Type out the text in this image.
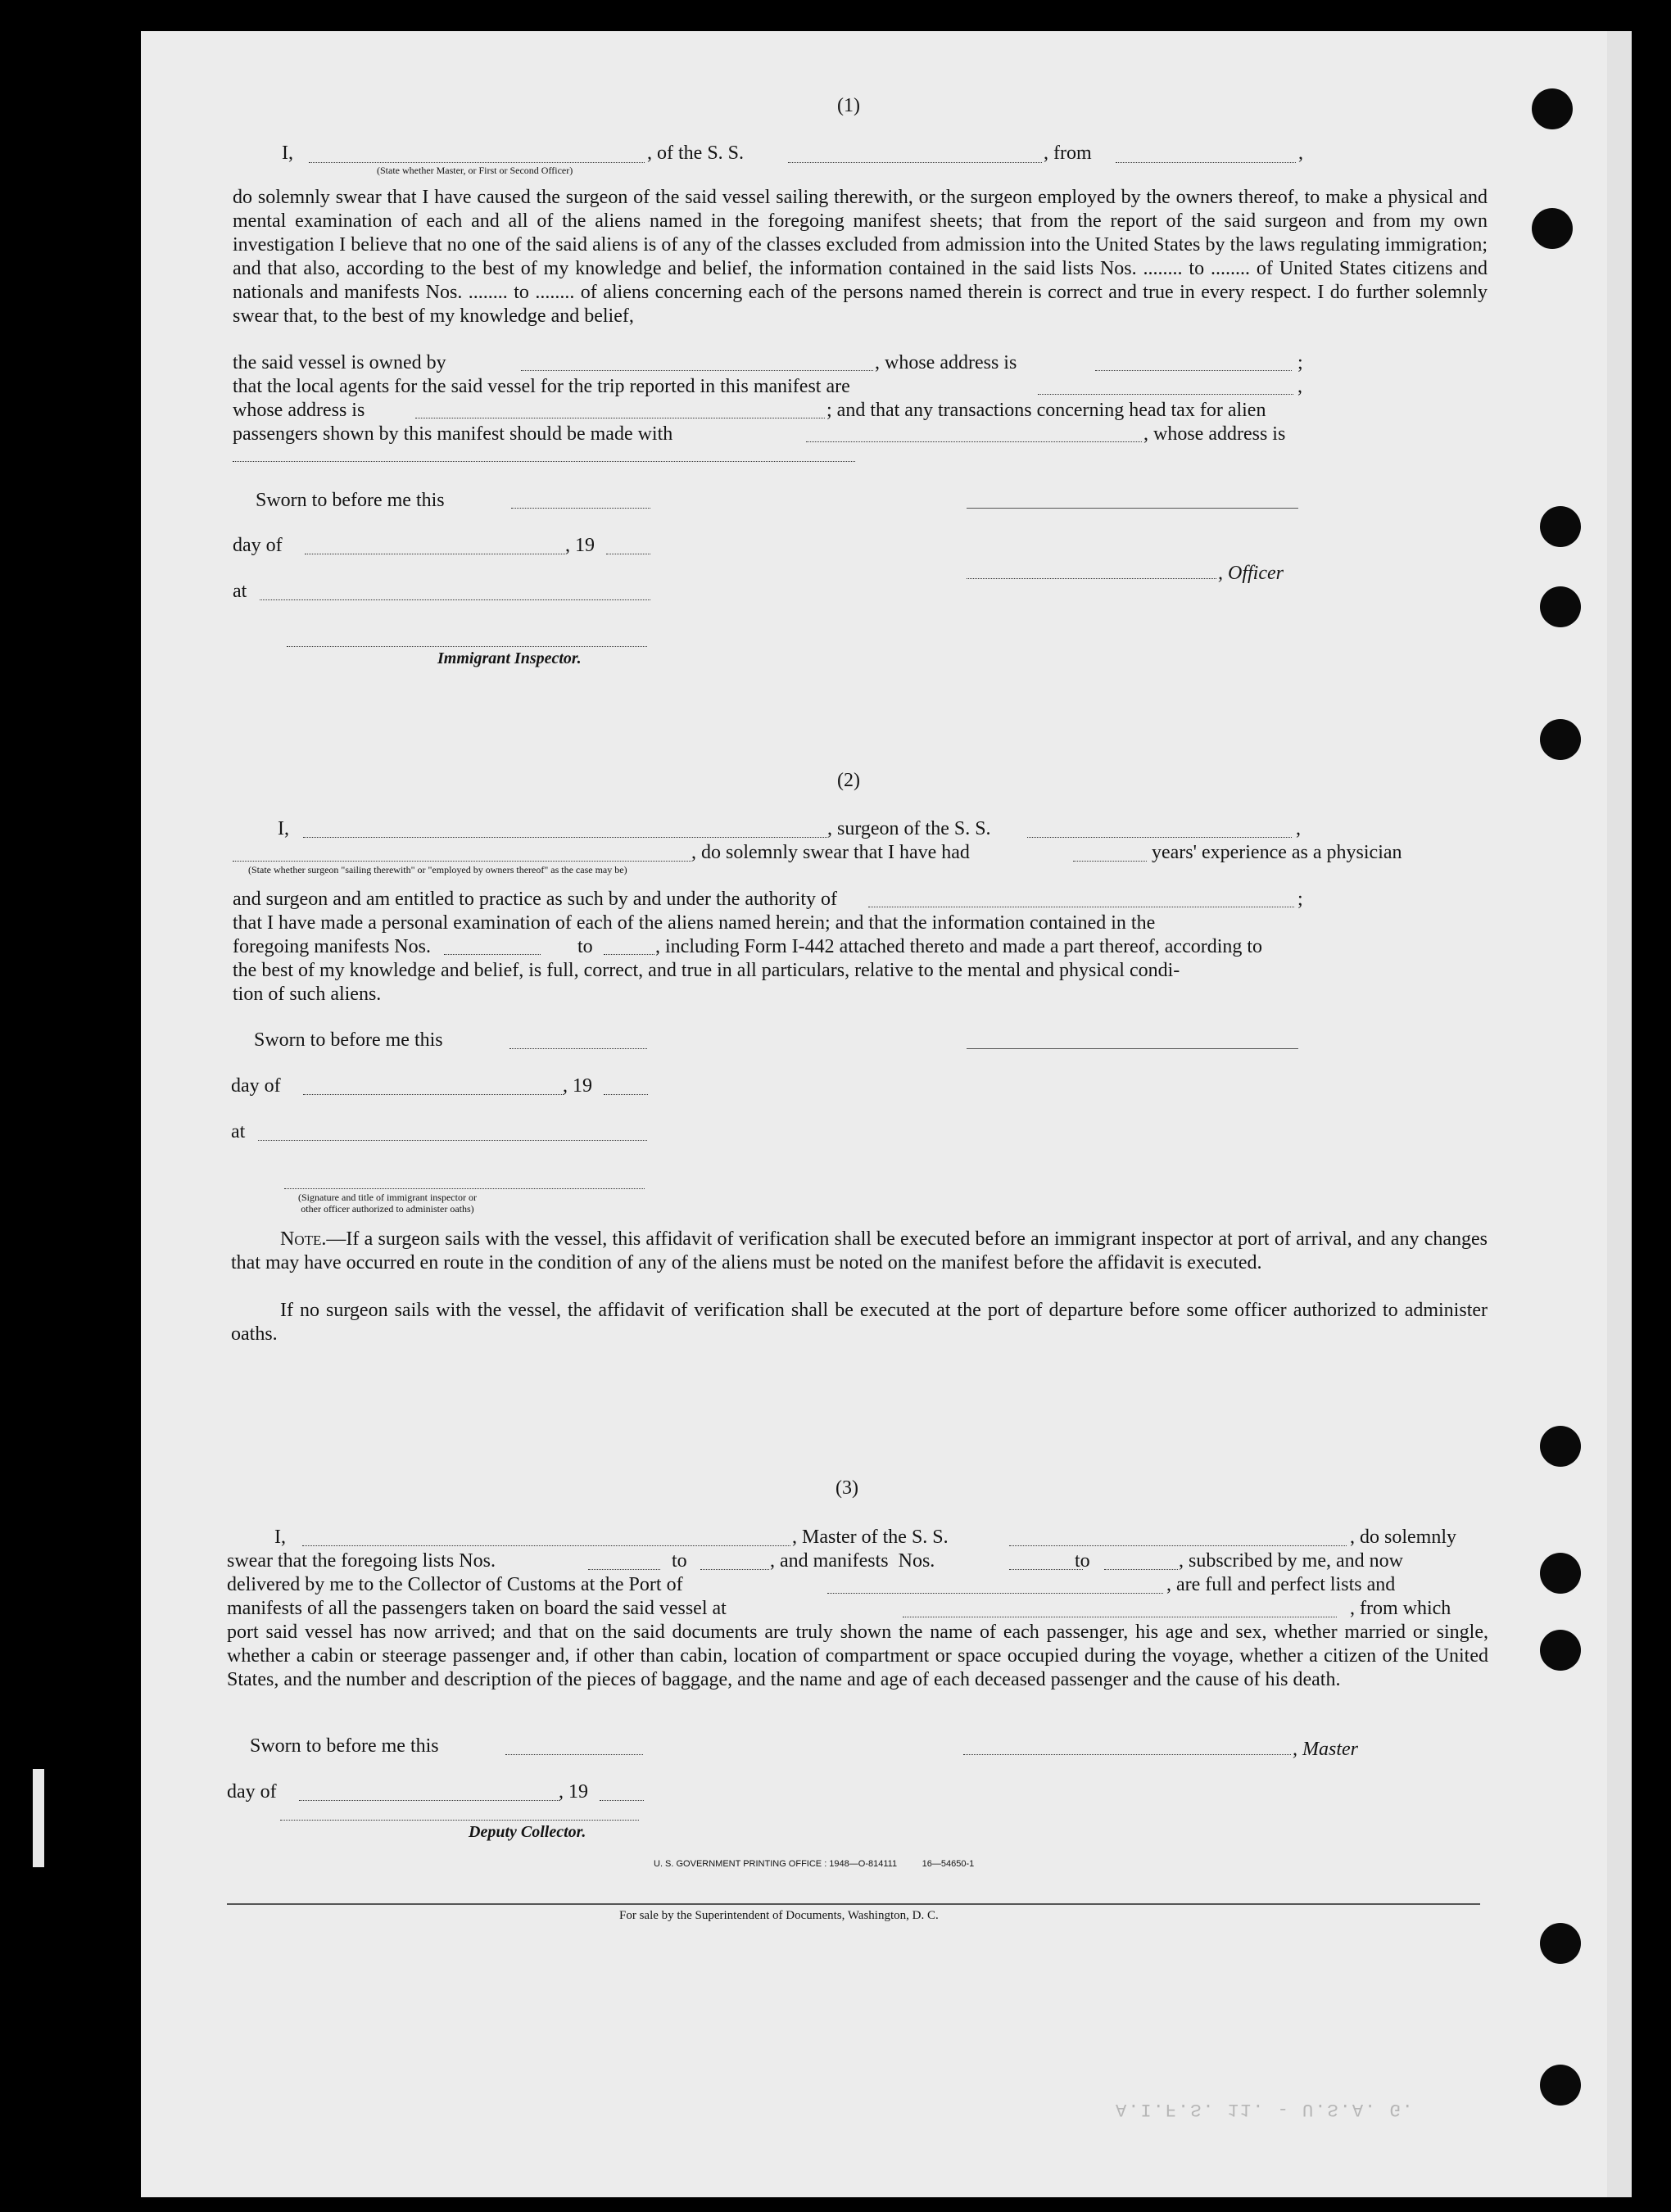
A.I.F.S. 11. - U.S.A. G.
(1)
I,	, of the S. S.	, from	,
(State whether Master, or First or Second Officer)
do solemnly swear that I have caused the surgeon of the said vessel sailing therewith, or the surgeon employed by the owners thereof, to make a physical and mental examination of each and all of the aliens named in the foregoing manifest sheets; that from the report of the said surgeon and from my own investigation I believe that no one of the said aliens is of any of the classes excluded from admission into the United States by the laws regulating immigration; and that also, according to the best of my knowledge and belief, the information contained in the said lists Nos. ........ to ........ of United States citizens and nationals and manifests Nos. ........ to ........ of aliens concerning each of the persons named therein is correct and true in every respect. I do further solemnly swear that, to the best of my knowledge and belief,
the said vessel is owned by	, whose address is	;
that the local agents for the said vessel for the trip reported in this manifest are	,
whose address is	; and that any transactions concerning head tax for alien
passengers shown by this manifest should be made with	, whose address is
Sworn to before me this
day of	, 19
, Officer
at
Immigrant Inspector.
(2)
I,	, surgeon of the S. S.	,
, do solemnly swear that I have had	years' experience as a physician
(State whether surgeon "sailing therewith" or "employed by owners thereof" as the case may be)
and surgeon and am entitled to practice as such by and under the authority of	;
that I have made a personal examination of each of the aliens named herein; and that the information contained in the
foregoing manifests Nos.	to	, including Form I-442 attached thereto and made a part thereof, according to
the best of my knowledge and belief, is full, correct, and true in all particulars, relative to the mental and physical condi-
tion of such aliens.
Sworn to before me this
day of	, 19
at
(Signature and title of immigrant inspector or
other officer authorized to administer oaths)
Note.—If a surgeon sails with the vessel, this affidavit of verification shall be executed before an immigrant inspector at port of arrival, and any changes that may have occurred en route in the condition of any of the aliens must be noted on the manifest before the affidavit is executed.
If no surgeon sails with the vessel, the affidavit of verification shall be executed at the port of departure before some officer authorized to administer oaths.
(3)
I,	, Master of the S. S.	, do solemnly
swear that the foregoing lists Nos.	to	, and manifests  Nos.	to	, subscribed by me, and now
delivered by me to the Collector of Customs at the Port of	, are full and perfect lists and
manifests of all the passengers taken on board the said vessel at	, from which
port said vessel has now arrived; and that on the said documents are truly shown the name of each passenger, his age and sex, whether married or single, whether a cabin or steerage passenger and, if other than cabin, location of compartment or space occupied during the voyage, whether a citizen of the United States, and the number and description of the pieces of baggage, and the name and age of each deceased passenger and the cause of his death.
Sworn to before me this	, Master
day of	, 19
Deputy Collector.
U. S. GOVERNMENT PRINTING OFFICE : 1948—O-814111          16—54650-1
For sale by the Superintendent of Documents, Washington, D. C.
